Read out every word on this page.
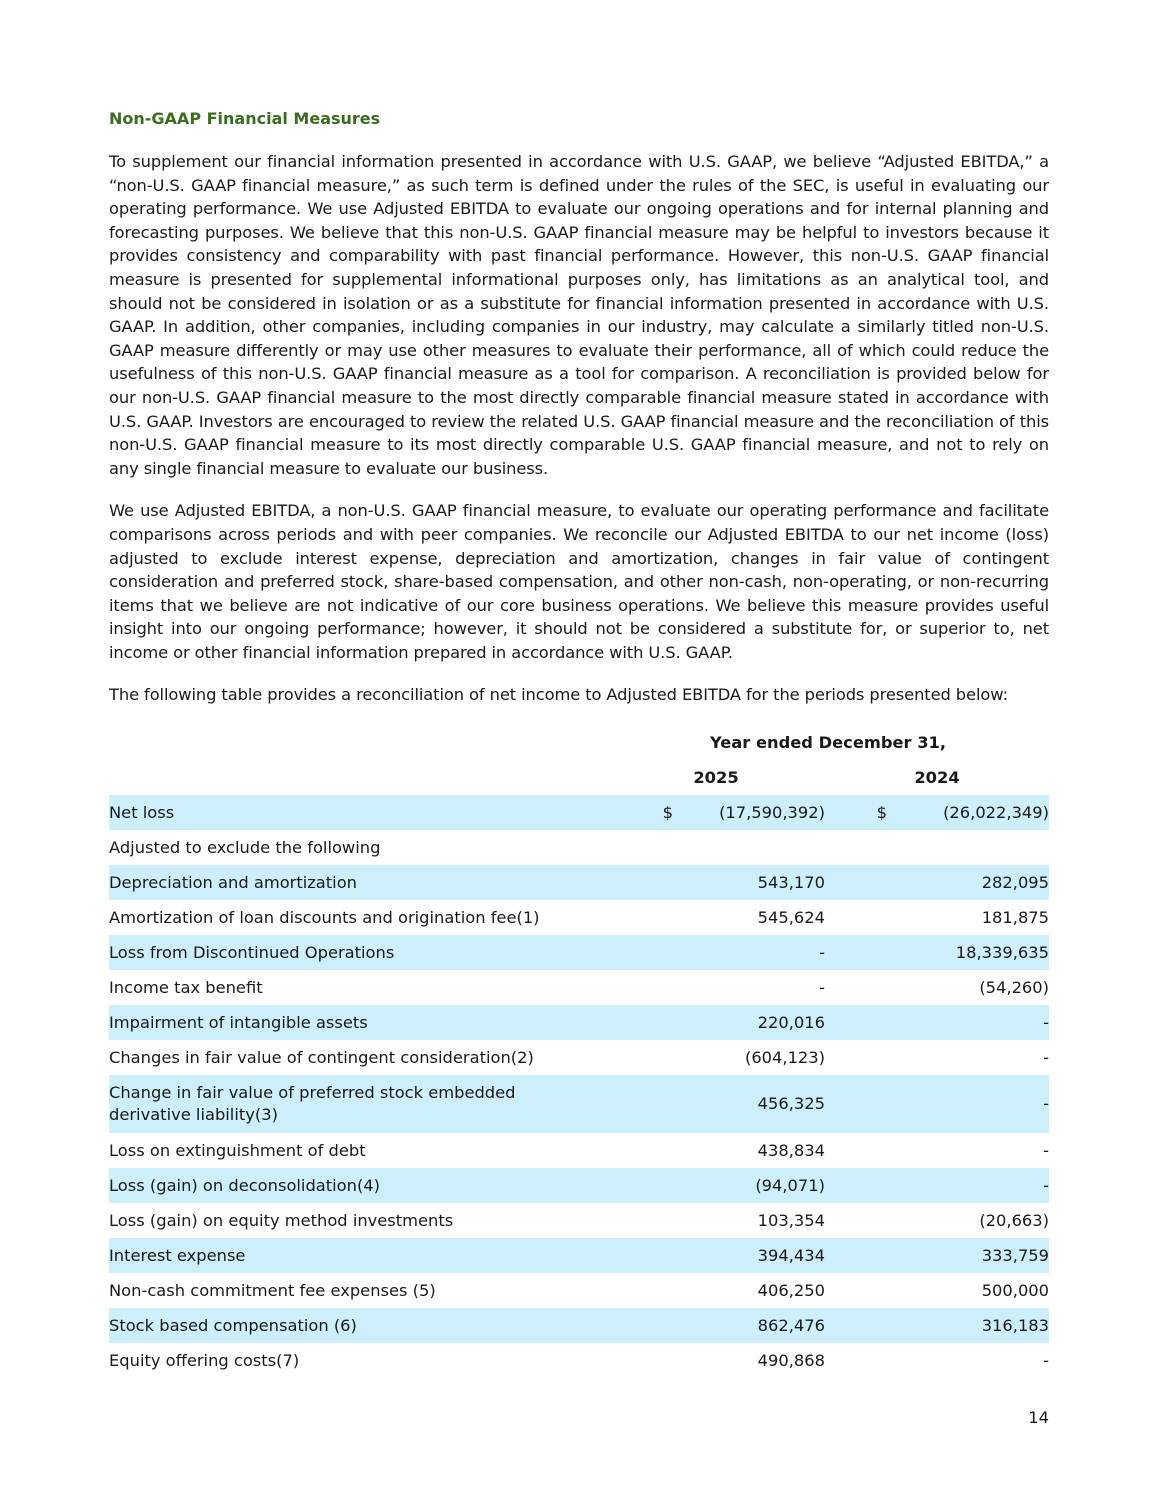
Non-GAAP Financial Measures

To supplement our financial information presented in accordance with U.S. GAAP, we believe “Adjusted EBITDA,” a “non-U.S. GAAP financial measure,” as such term is defined under the rules of the SEC, is useful in evaluating our operating performance. We use Adjusted EBITDA to evaluate our ongoing operations and for internal planning and forecasting purposes. We believe that this non-U.S. GAAP financial measure may be helpful to investors because it provides consistency and comparability with past financial performance. However, this non-U.S. GAAP financial measure is presented for supplemental informational purposes only, has limitations as an analytical tool, and should not be considered in isolation or as a substitute for financial information presented in accordance with U.S. GAAP. In addition, other companies, including companies in our industry, may calculate a similarly titled non-U.S. GAAP measure differently or may use other measures to evaluate their performance, all of which could reduce the usefulness of this non-U.S. GAAP financial measure as a tool for comparison. A reconciliation is provided below for our non-U.S. GAAP financial measure to the most directly comparable financial measure stated in accordance with U.S. GAAP. Investors are encouraged to review the related U.S. GAAP financial measure and the reconciliation of this non-U.S. GAAP financial measure to its most directly comparable U.S. GAAP financial measure, and not to rely on any single financial measure to evaluate our business.

We use Adjusted EBITDA, a non-U.S. GAAP financial measure, to evaluate our operating performance and facilitate comparisons across periods and with peer companies. We reconcile our Adjusted EBITDA to our net income (loss) adjusted to exclude interest expense, depreciation and amortization, changes in fair value of contingent consideration and preferred stock, share-based compensation, and other non-cash, non-operating, or non-recurring items that we believe are not indicative of our core business operations. We believe this measure provides useful insight into our ongoing performance; however, it should not be considered a substitute for, or superior to, net income or other financial information prepared in accordance with U.S. GAAP.

The following table provides a reconciliation of net income to Adjusted EBITDA for the periods presented below:

	Year ended December 31,			
	2025		2024	
Net loss	$	(17,590,392)	$	(26,022,349)
Adjusted to exclude the following				
Depreciation and amortization		543,170		282,095
Amortization of loan discounts and origination fee(1)		545,624		181,875
Loss from Discontinued Operations		-		18,339,635
Income tax benefit		-		(54,260)
Impairment of intangible assets		220,016		-
Changes in fair value of contingent consideration(2)		(604,123)		-
Change in fair value of preferred stock embedded derivative liability(3)		456,325		-
Loss on extinguishment of debt		438,834		-
Loss (gain) on deconsolidation(4)		(94,071)		-
Loss (gain) on equity method investments		103,354		(20,663)
Interest expense		394,434		333,759
Non-cash commitment fee expenses (5)		406,250		500,000
Stock based compensation (6)		862,476		316,183
Equity offering costs(7)		490,868		-
14
